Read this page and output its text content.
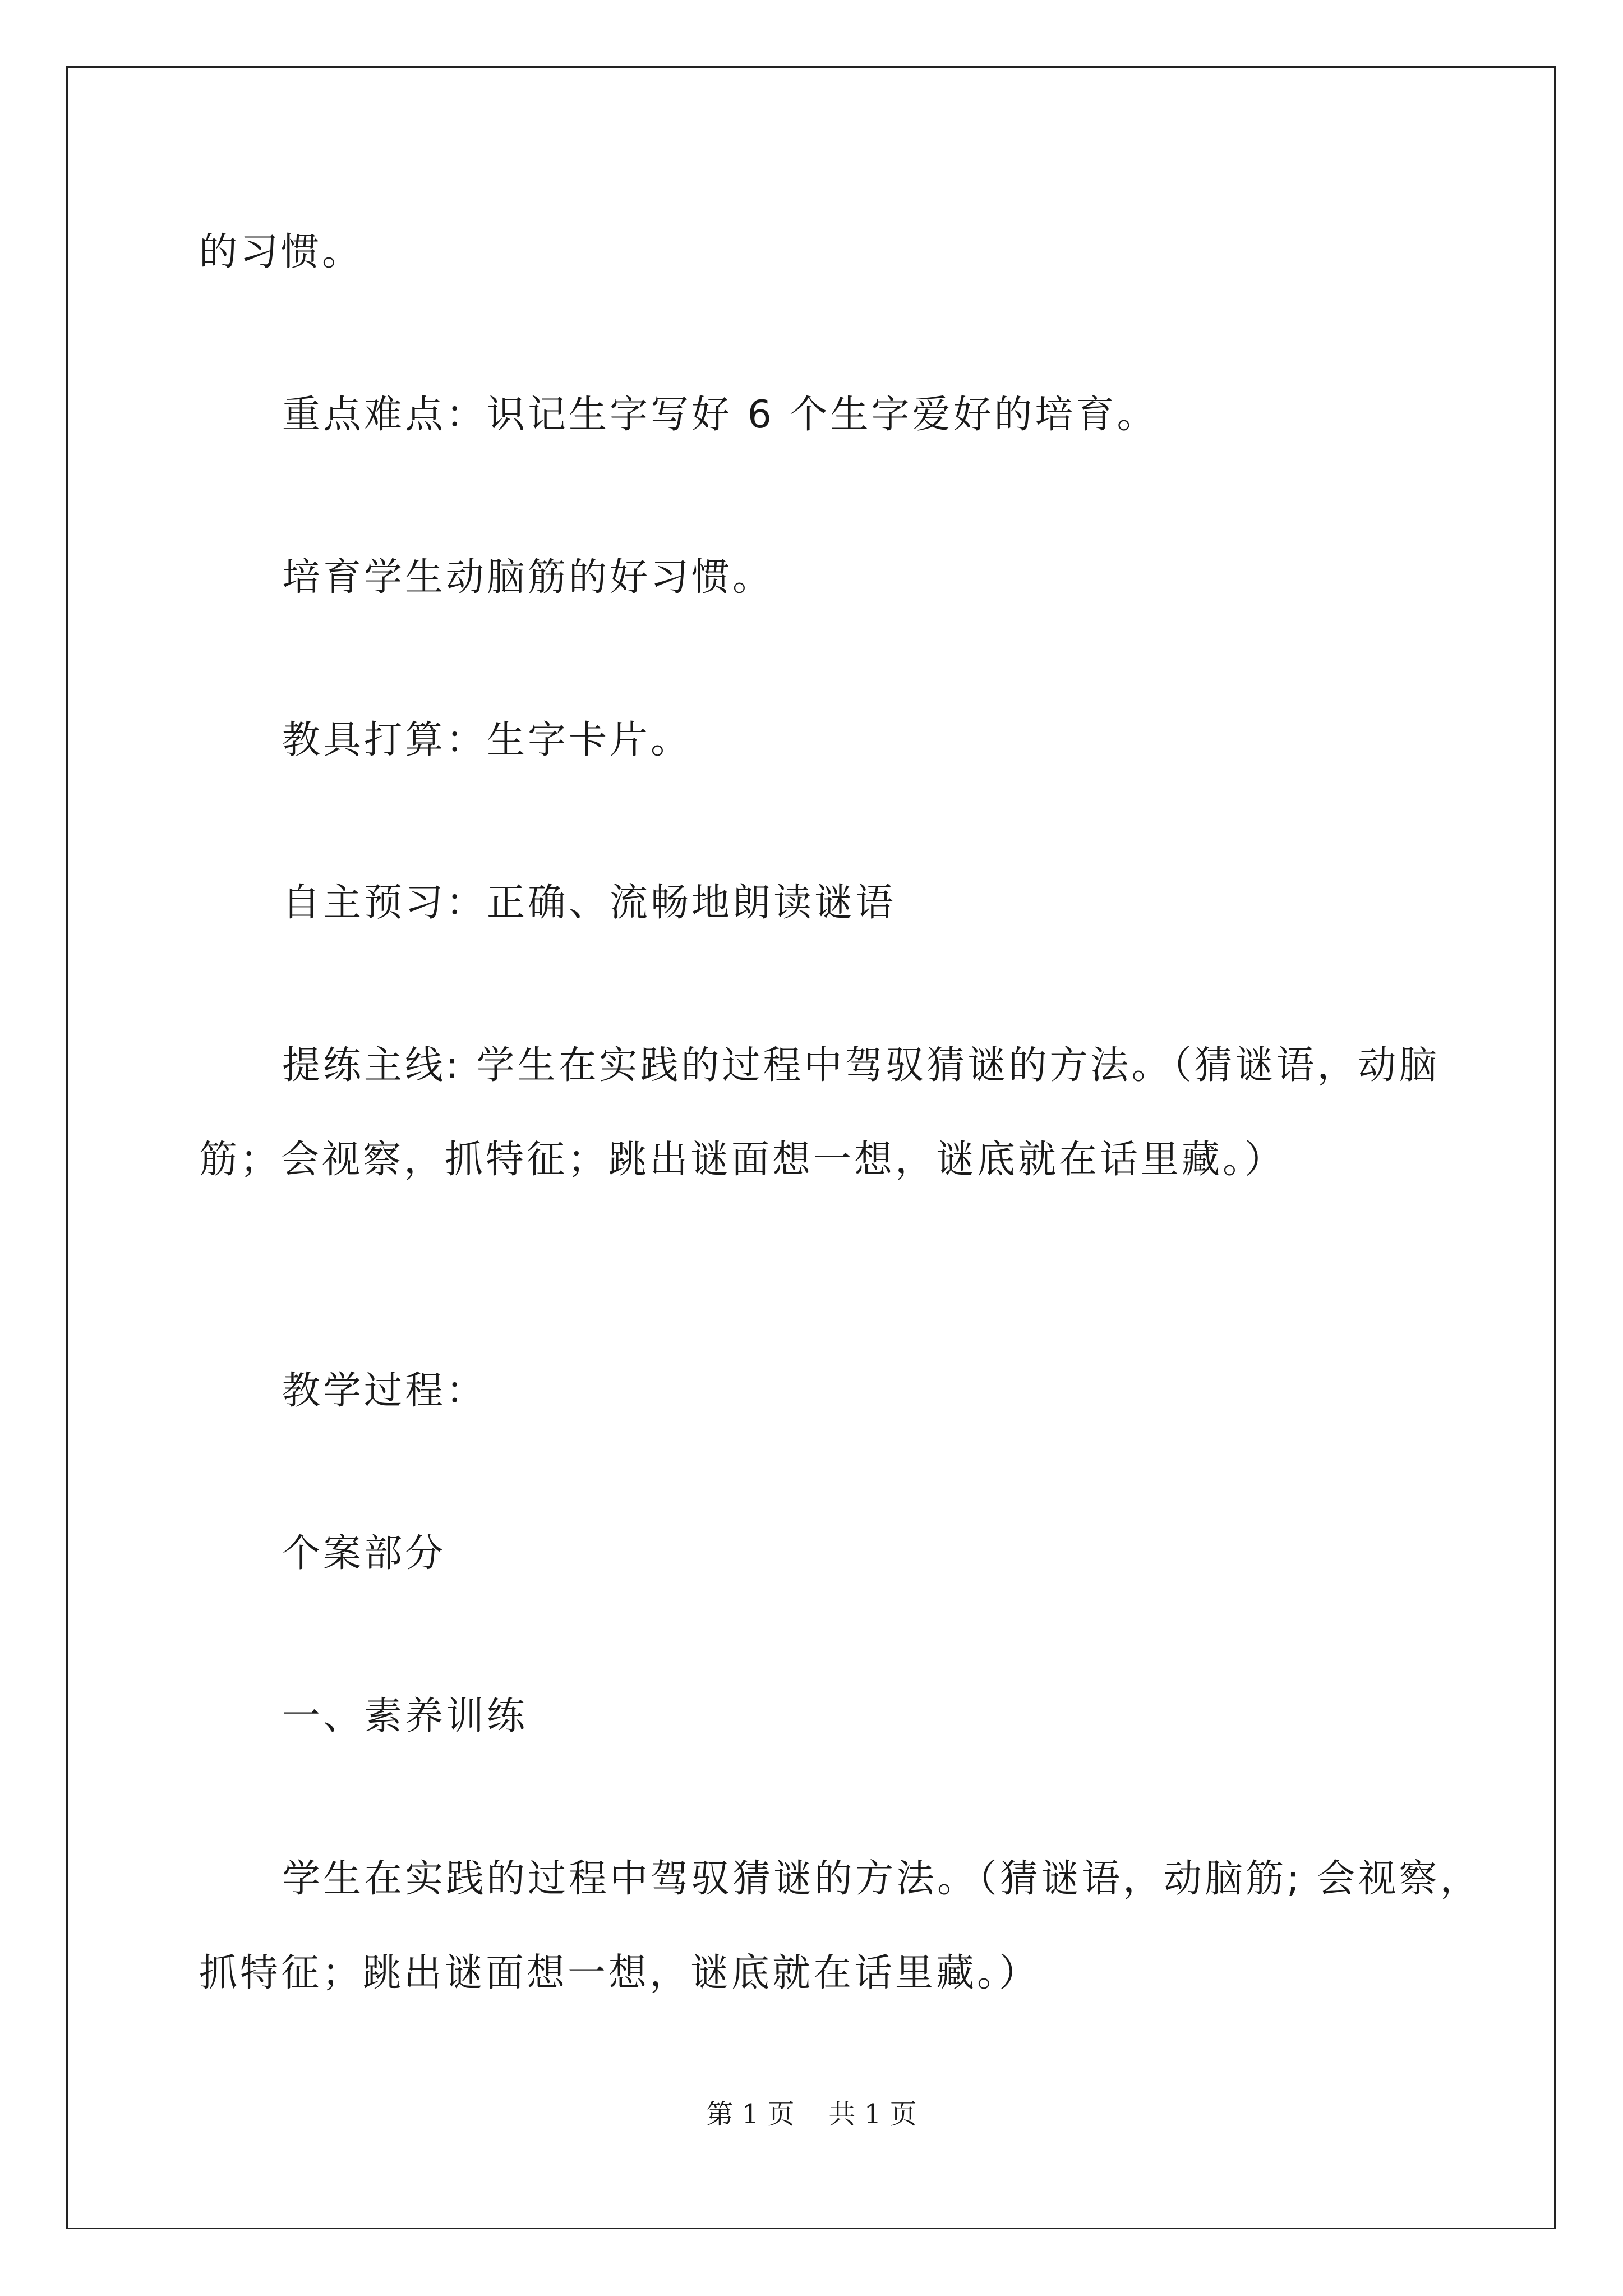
的习惯。

重点难点：识记生字写好 6 个生字爱好的培育。

培育学生动脑筋的好习惯。

教具打算：生字卡片。

自主预习：正确、流畅地朗读谜语

提练主线: 学生在实践的过程中驾驭猜谜的方法。（猜谜语，动脑筋；会视察，抓特征；跳出谜面想一想，谜底就在话里藏。）

教学过程：

个案部分

一、素养训练

学生在实践的过程中驾驭猜谜的方法。（猜谜语，动脑筋; 会视察，抓特征；跳出谜面想一想，谜底就在话里藏。）

第 1 页    共 1 页
